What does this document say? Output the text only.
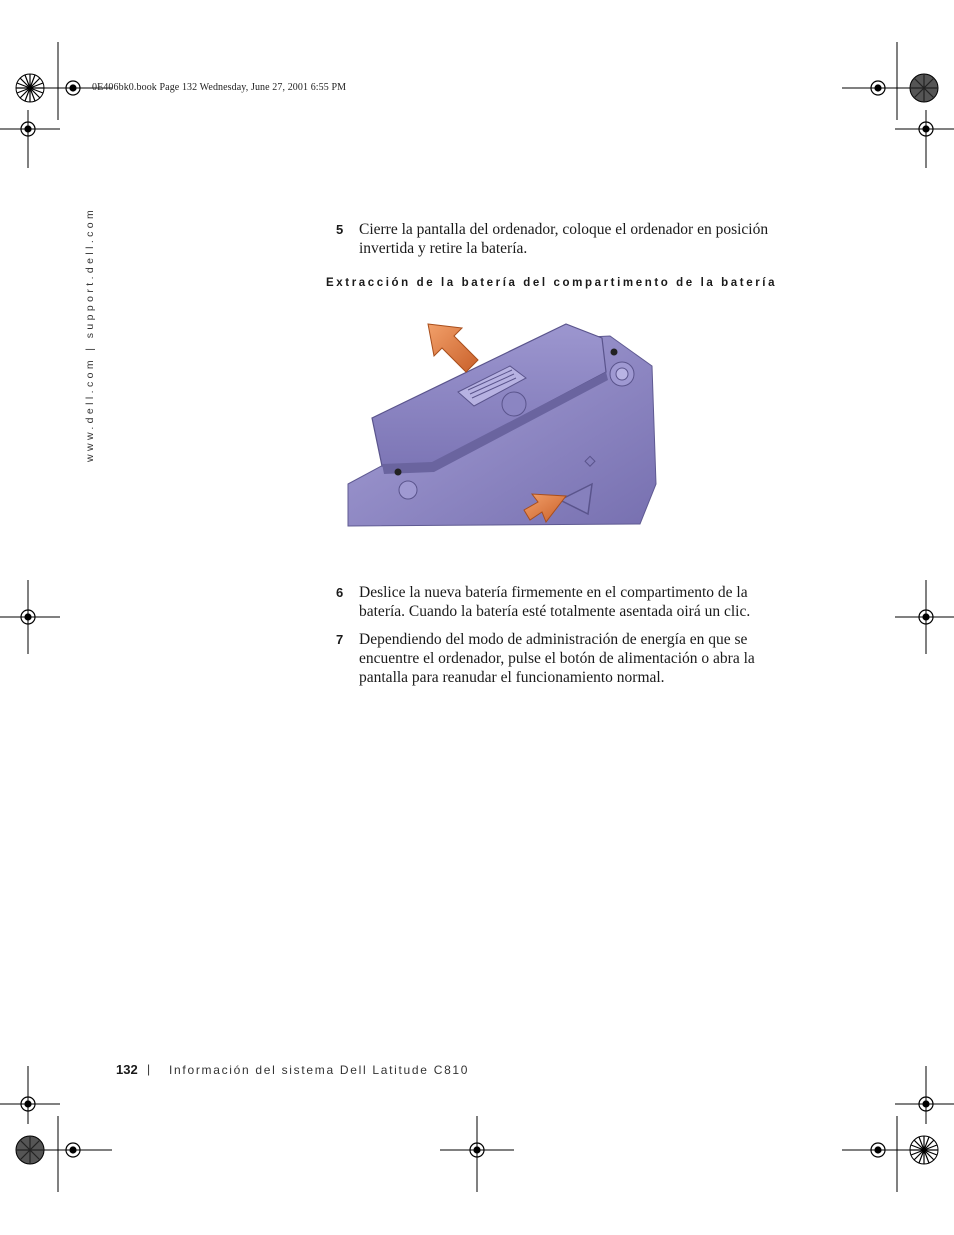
0E406bk0.book Page 132 Wednesday, June 27, 2001 6:55 PM
www.dell.com | support.dell.com	5 Cierre la pantalla del ordenador, coloque el ordenador en posición invertida y retire la batería.
Extracción de la batería del compartimento de la batería
6 Deslice la nueva batería firmemente en el compartimento de la batería. Cuando la batería esté totalmente asentada oirá un clic.
7 Dependiendo del modo de administración de energía en que se encuentre el ordenador, pulse el botón de alimentación o abra la pantalla para reanudar el funcionamiento normal.
132 | Información del sistema Dell Latitude C810
